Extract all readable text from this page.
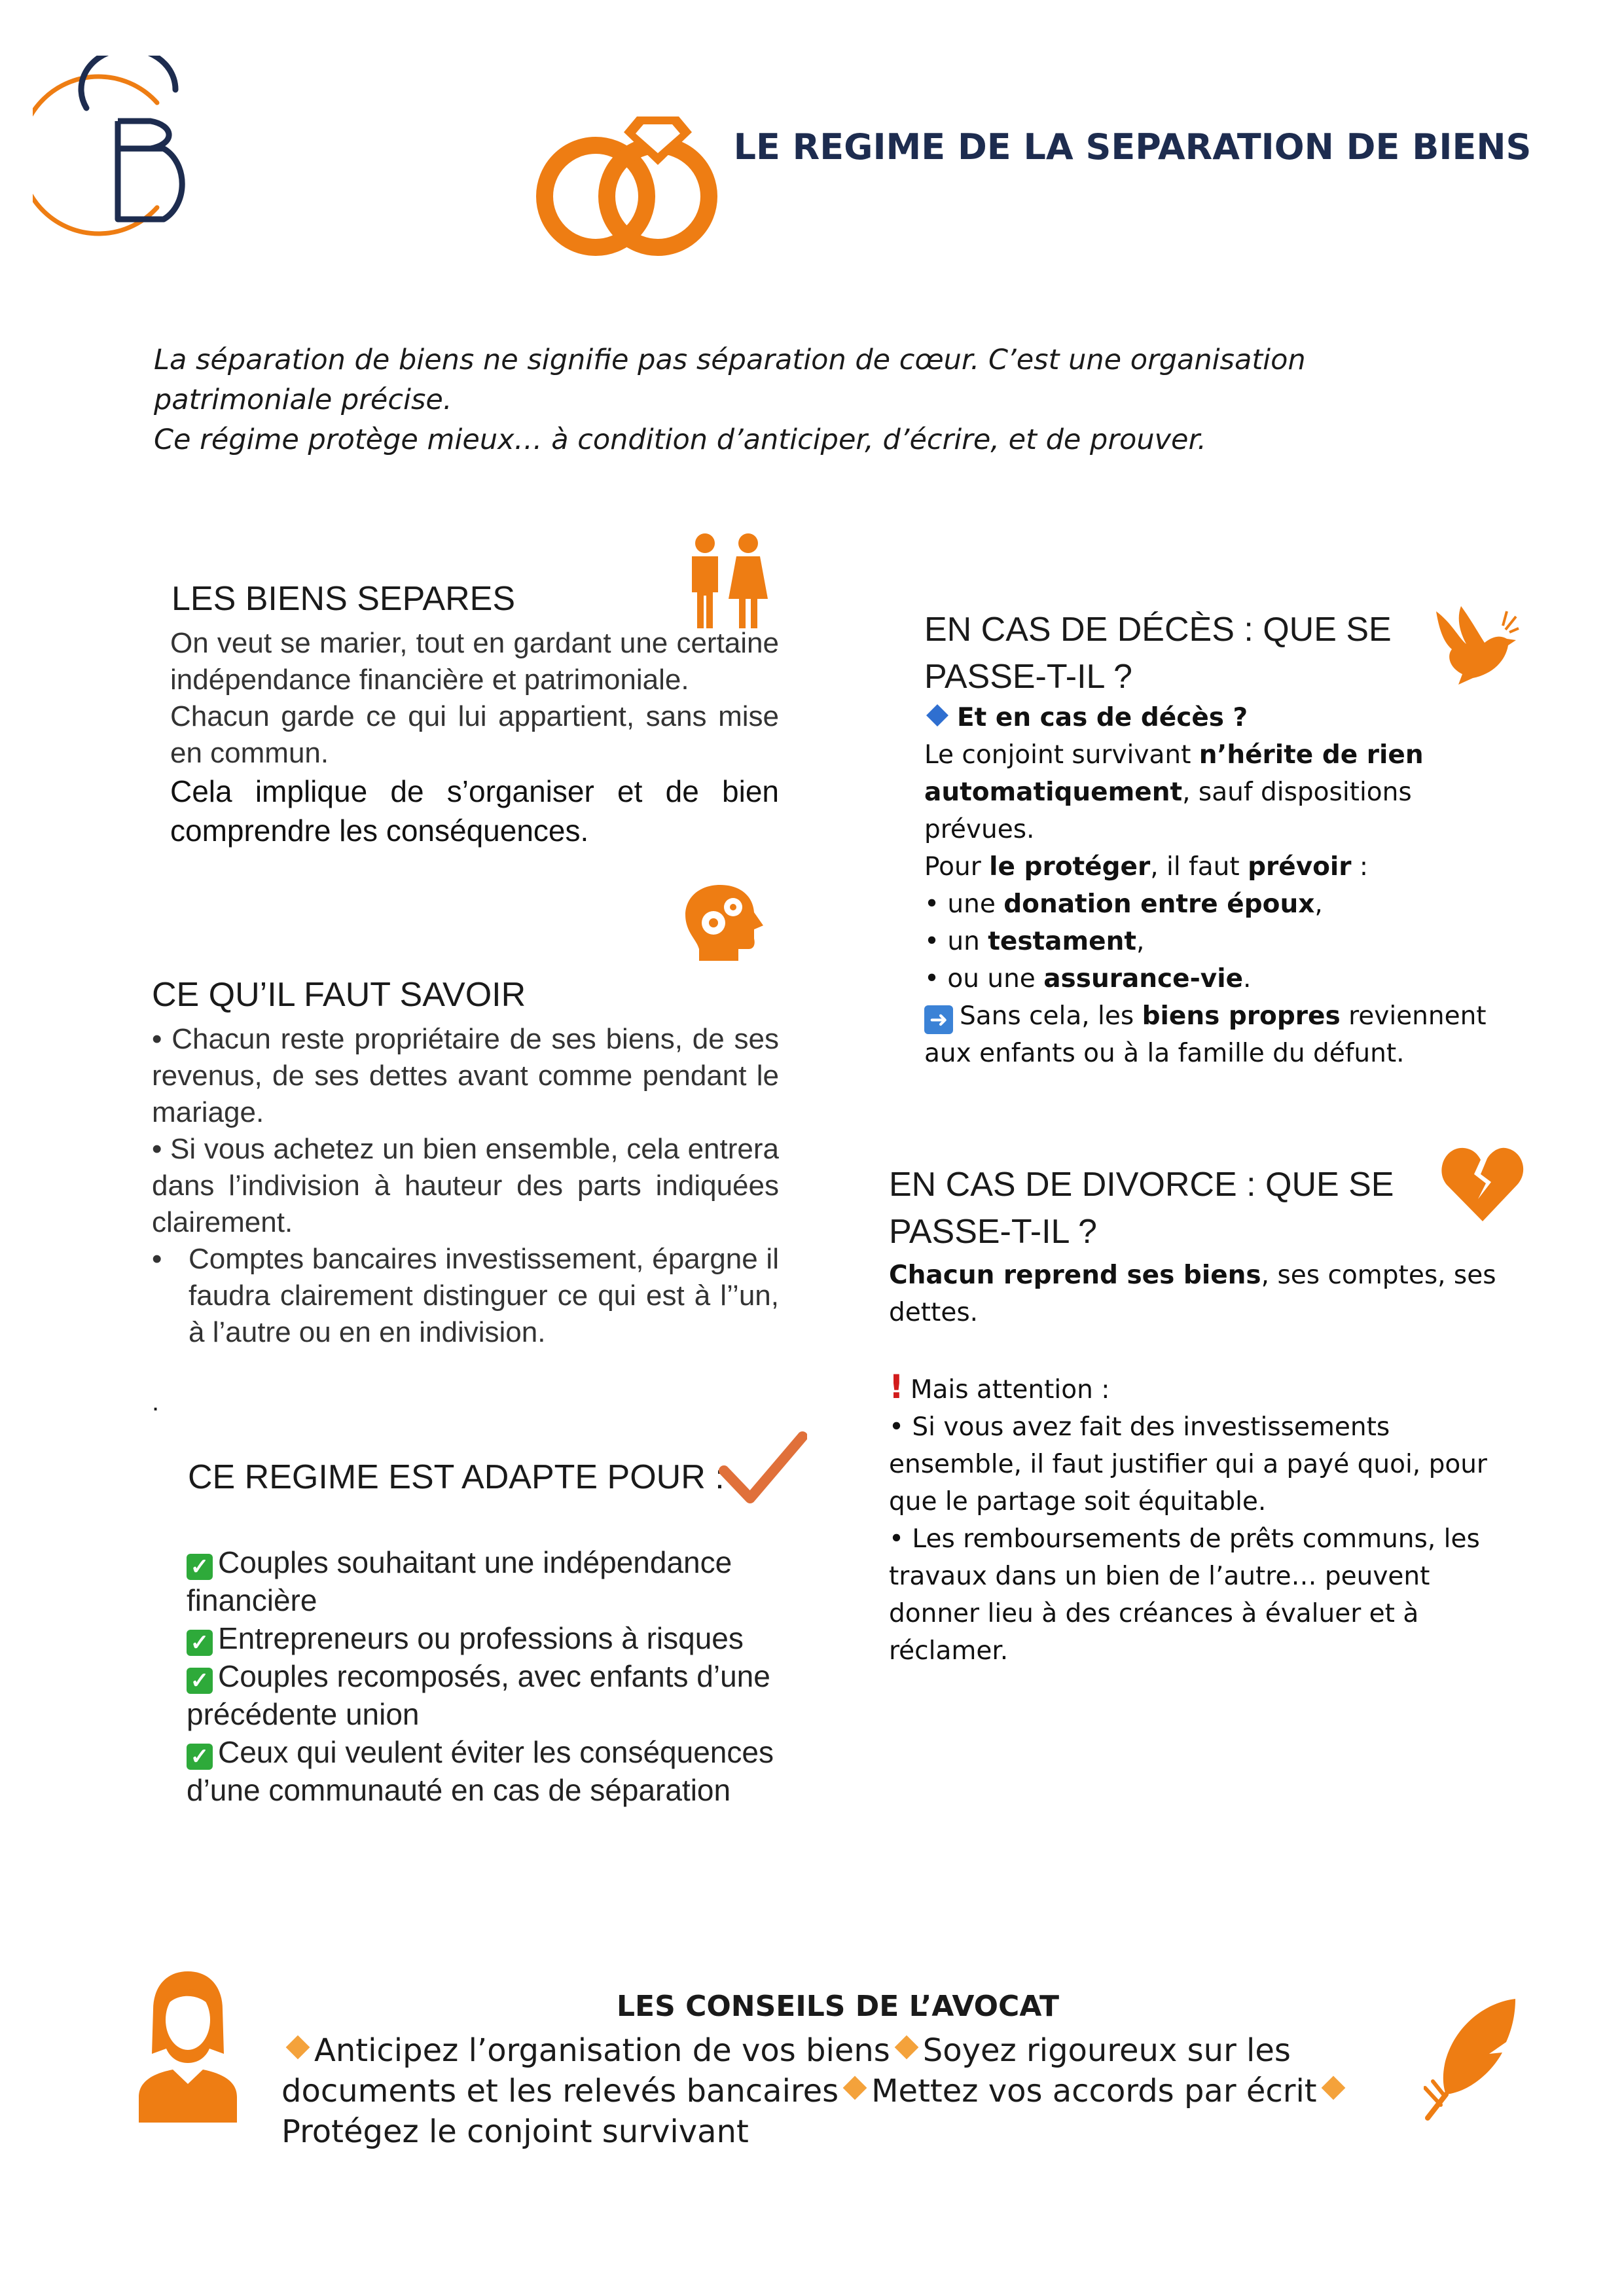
LE REGIME DE LA SEPARATION DE BIENS

La séparation de biens ne signifie pas séparation de cœur. C’est une organisation patrimoniale précise.

Ce régime protège mieux… à condition d’anticiper, d’écrire, et de prouver.

LES BIENS SEPARES

On veut se marier, tout en gardant une certaine indépendance financière et patrimoniale.

Chacun garde ce qui lui appartient, sans mise en commun.

Cela implique de s’organiser et de bien comprendre les conséquences.

CE QU’IL FAUT SAVOIR

• Chacun reste propriétaire de ses biens, de ses revenus, de ses dettes avant comme pendant le mariage.

• Si vous achetez un bien ensemble, cela entrera dans l’indivision à hauteur des parts indiquées clairement.

• Comptes bancaires investissement, épargne il faudra clairement distinguer ce qui est à l’’un, à l’autre ou en en indivision.
.
CE REGIME EST ADAPTE POUR :

✓ Couples souhaitant une indépendance financière

✓ Entrepreneurs ou professions à risques

✓ Couples recomposés, avec enfants d’une précédente union

✓ Ceux qui veulent éviter les conséquences d’une communauté en cas de séparation

EN CAS DE DÉCÈS : QUE SE PASSE-T-IL ?

Et en cas de décès ?

Le conjoint survivant n’hérite de rien automatiquement, sauf dispositions prévues.

Pour le protéger, il faut prévoir :

• une donation entre époux,

• un testament,

• ou une assurance-vie.

➜ Sans cela, les biens propres reviennent aux enfants ou à la famille du défunt.

EN CAS DE DIVORCE : QUE SE PASSE-T-IL ?

Chacun reprend ses biens, ses comptes, ses dettes.

! Mais attention :

• Si vous avez fait des investissements ensemble, il faut justifier qui a payé quoi, pour que le partage soit équitable.

• Les remboursements de prêts communs, les travaux dans un bien de l’autre… peuvent donner lieu à des créances à évaluer et à réclamer.

LES CONSEILS DE L’AVOCAT
Anticipez l’organisation de vos biens Soyez rigoureux sur les documents et les relevés bancaires Mettez vos accords par écritProtégez le conjoint survivant
